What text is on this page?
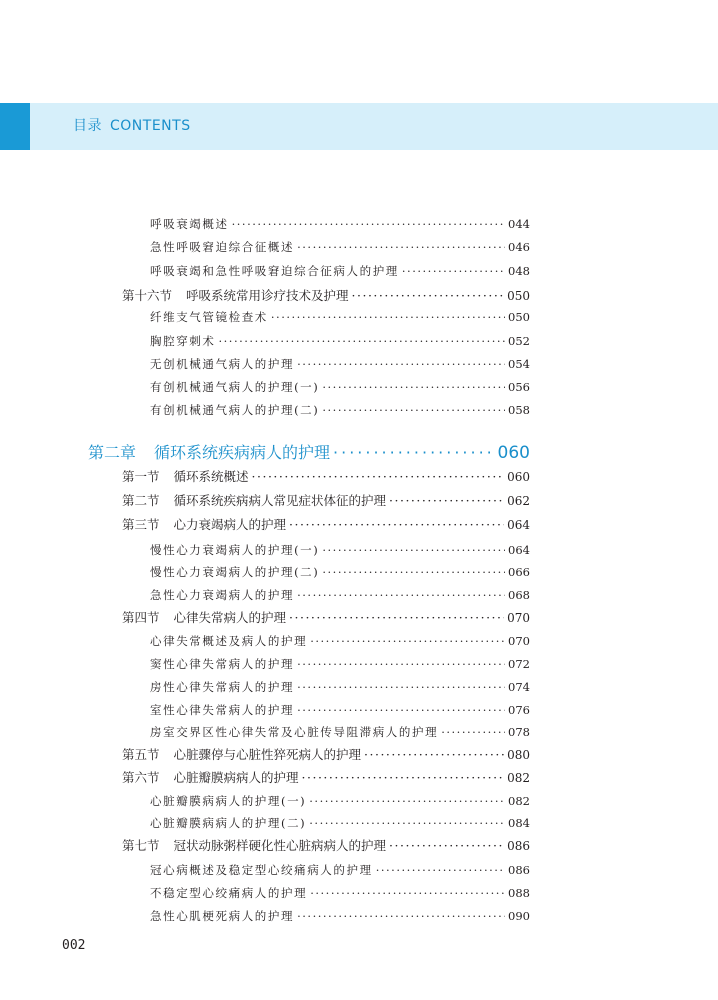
目录 CONTENTS
呼吸衰竭概述 ·····	044
急性呼吸窘迫综合征概述 ·····	046
呼吸衰竭和急性呼吸窘迫综合征病人的护理 ·····	048
第十六节 呼吸系统常用诊疗技术及护理 ·····	050
纤维支气管镜检查术 ·····	050
胸腔穿刺术 ·····	052
无创机械通气病人的护理 ·····	054
有创机械通气病人的护理(一) ·····	056
有创机械通气病人的护理(二) ·····	058
第二章 循环系统疾病病人的护理 ·····	060
第一节 循环系统概述 ·····	060
第二节 循环系统疾病病人常见症状体征的护理 ·····	062
第三节 心力衰竭病人的护理 ·····	064
慢性心力衰竭病人的护理(一) ·····	064
慢性心力衰竭病人的护理(二) ·····	066
急性心力衰竭病人的护理 ·····	068
第四节 心律失常病人的护理 ·····	070
心律失常概述及病人的护理 ·····	070
窦性心律失常病人的护理 ·····	072
房性心律失常病人的护理 ·····	074
室性心律失常病人的护理 ·····	076
房室交界区性心律失常及心脏传导阻滞病人的护理 ·····	078
第五节 心脏骤停与心脏性猝死病人的护理 ·····	080
第六节 心脏瓣膜病病人的护理 ·····	082
心脏瓣膜病病人的护理(一) ·····	082
心脏瓣膜病病人的护理(二) ·····	084
第七节 冠状动脉粥样硬化性心脏病病人的护理 ·····	086
冠心病概述及稳定型心绞痛病人的护理 ·····	086
不稳定型心绞痛病人的护理 ·····	088
急性心肌梗死病人的护理 ·····	090
002
